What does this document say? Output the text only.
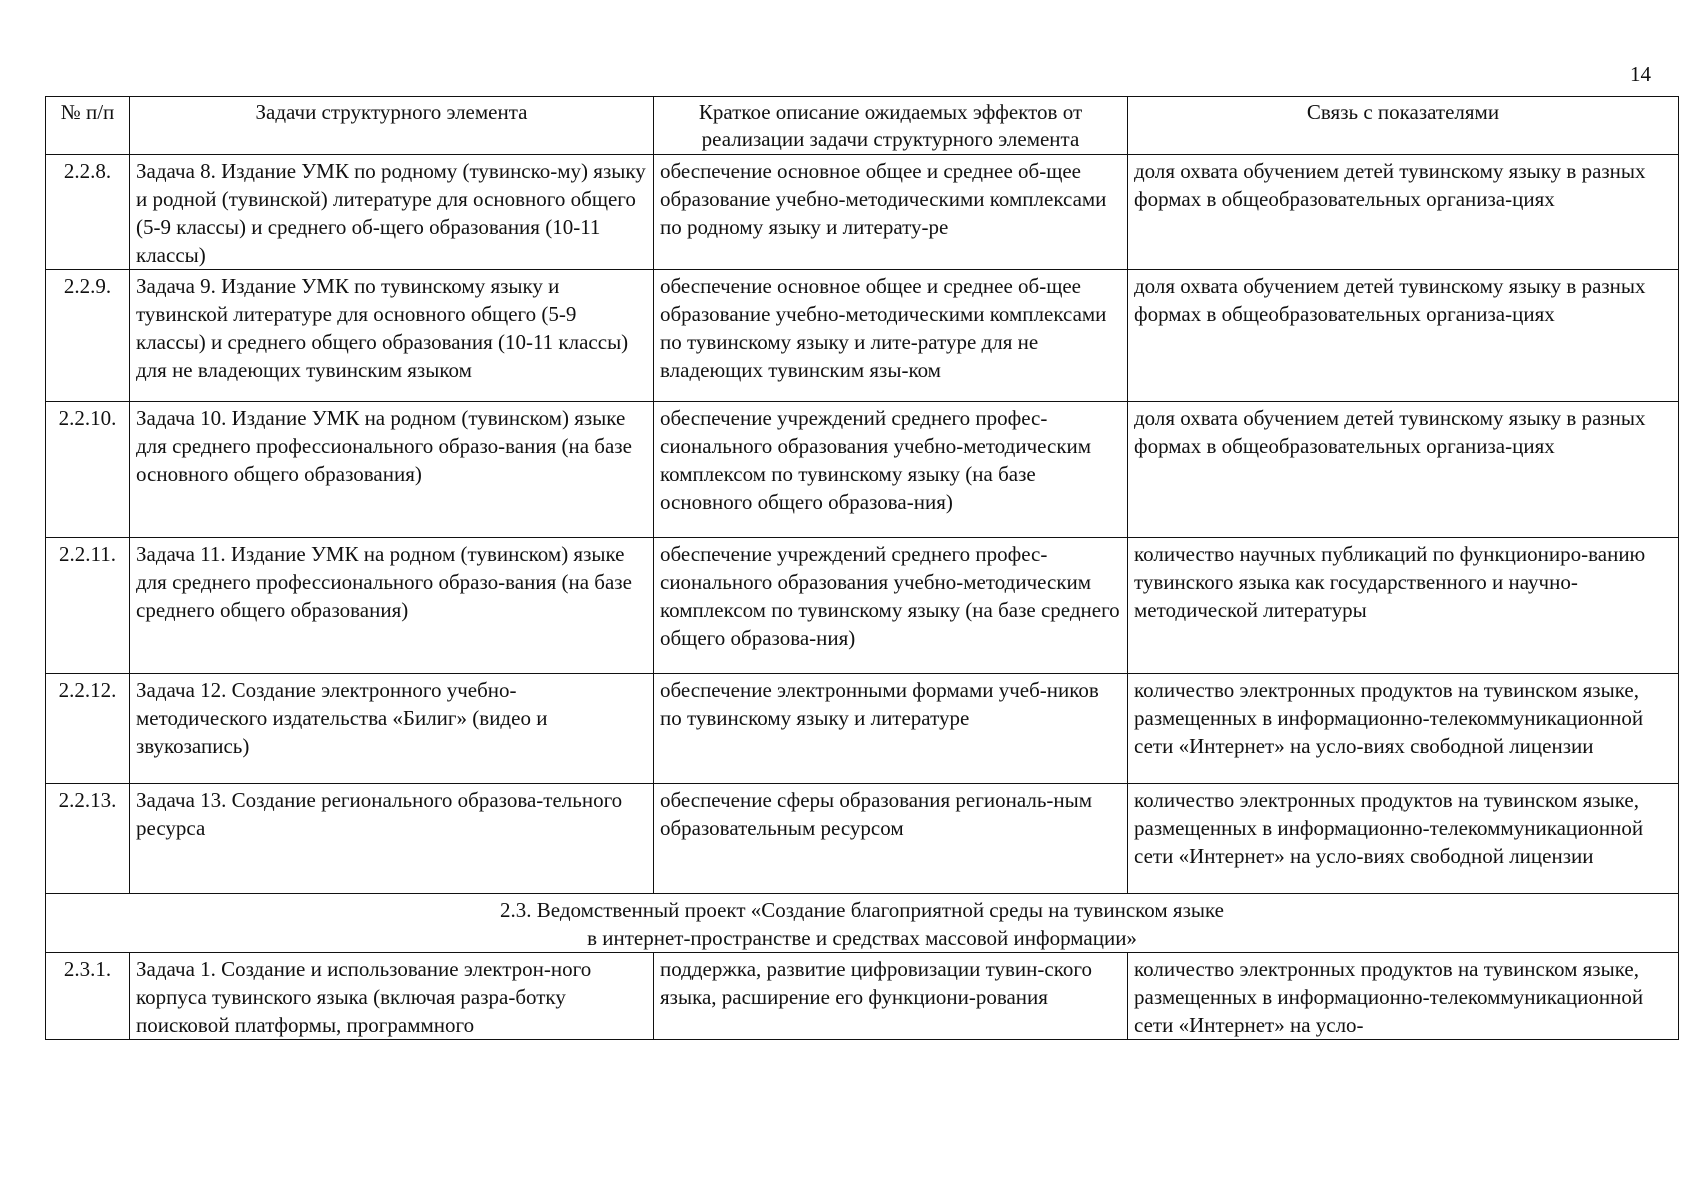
14
№ п/п	Задачи структурного элемента	Краткое описание ожидаемых эффектов от реализации задачи структурного элемента	Связь с показателями
2.2.8.	Задача 8. Издание УМК по родному (тувинско-му) языку и родной (тувинской) литературе для основного общего (5-9 классы) и среднего об-щего образования (10-11 классы)	обеспечение основное общее и среднее об-щее образование учебно-методическими комплексами по родному языку и литерату-ре	доля охвата обучением детей тувинскому языку в разных формах в общеобразовательных организа-циях
2.2.9.	Задача 9. Издание УМК по тувинскому языку и тувинской литературе для основного общего (5-9 классы) и среднего общего образования (10-11 классы) для не владеющих тувинским языком	обеспечение основное общее и среднее об-щее образование учебно-методическими комплексами по тувинскому языку и лите-ратуре для не владеющих тувинским язы-ком	доля охвата обучением детей тувинскому языку в разных формах в общеобразовательных организа-циях
2.2.10.	Задача 10. Издание УМК на родном (тувинском) языке для среднего профессионального образо-вания (на базе основного общего образования)	обеспечение учреждений среднего профес-сионального образования учебно-методическим комплексом по тувинскому языку (на базе основного общего образова-ния)	доля охвата обучением детей тувинскому языку в разных формах в общеобразовательных организа-циях
2.2.11.	Задача 11. Издание УМК на родном (тувинском) языке для среднего профессионального образо-вания (на базе среднего общего образования)	обеспечение учреждений среднего профес-сионального образования учебно-методическим комплексом по тувинскому языку (на базе среднего общего образова-ния)	количество научных публикаций по функциониро-ванию тувинского языка как государственного и научно-методической литературы
2.2.12.	Задача 12. Создание электронного учебно-методического издательства «Билиг» (видео и звукозапись)	обеспечение электронными формами учеб-ников по тувинскому языку и литературе	количество электронных продуктов на тувинском языке, размещенных в информационно-телекоммуникационной сети «Интернет» на усло-виях свободной лицензии
2.2.13.	Задача 13. Создание регионального образова-тельного ресурса	обеспечение сферы образования региональ-ным образовательным ресурсом	количество электронных продуктов на тувинском языке, размещенных в информационно-телекоммуникационной сети «Интернет» на усло-виях свободной лицензии

2.3. Ведомственный проект «Создание благоприятной среды на тувинском языке
в интернет-пространстве и средствах массовой информации»			

2.3.1.	Задача 1. Создание и использование электрон-ного корпуса тувинского языка (включая разра-ботку поисковой платформы, программного	поддержка, развитие цифровизации тувин-ского языка, расширение его функциони-рования	количество электронных продуктов на тувинском языке, размещенных в информационно-телекоммуникационной сети «Интернет» на усло-
